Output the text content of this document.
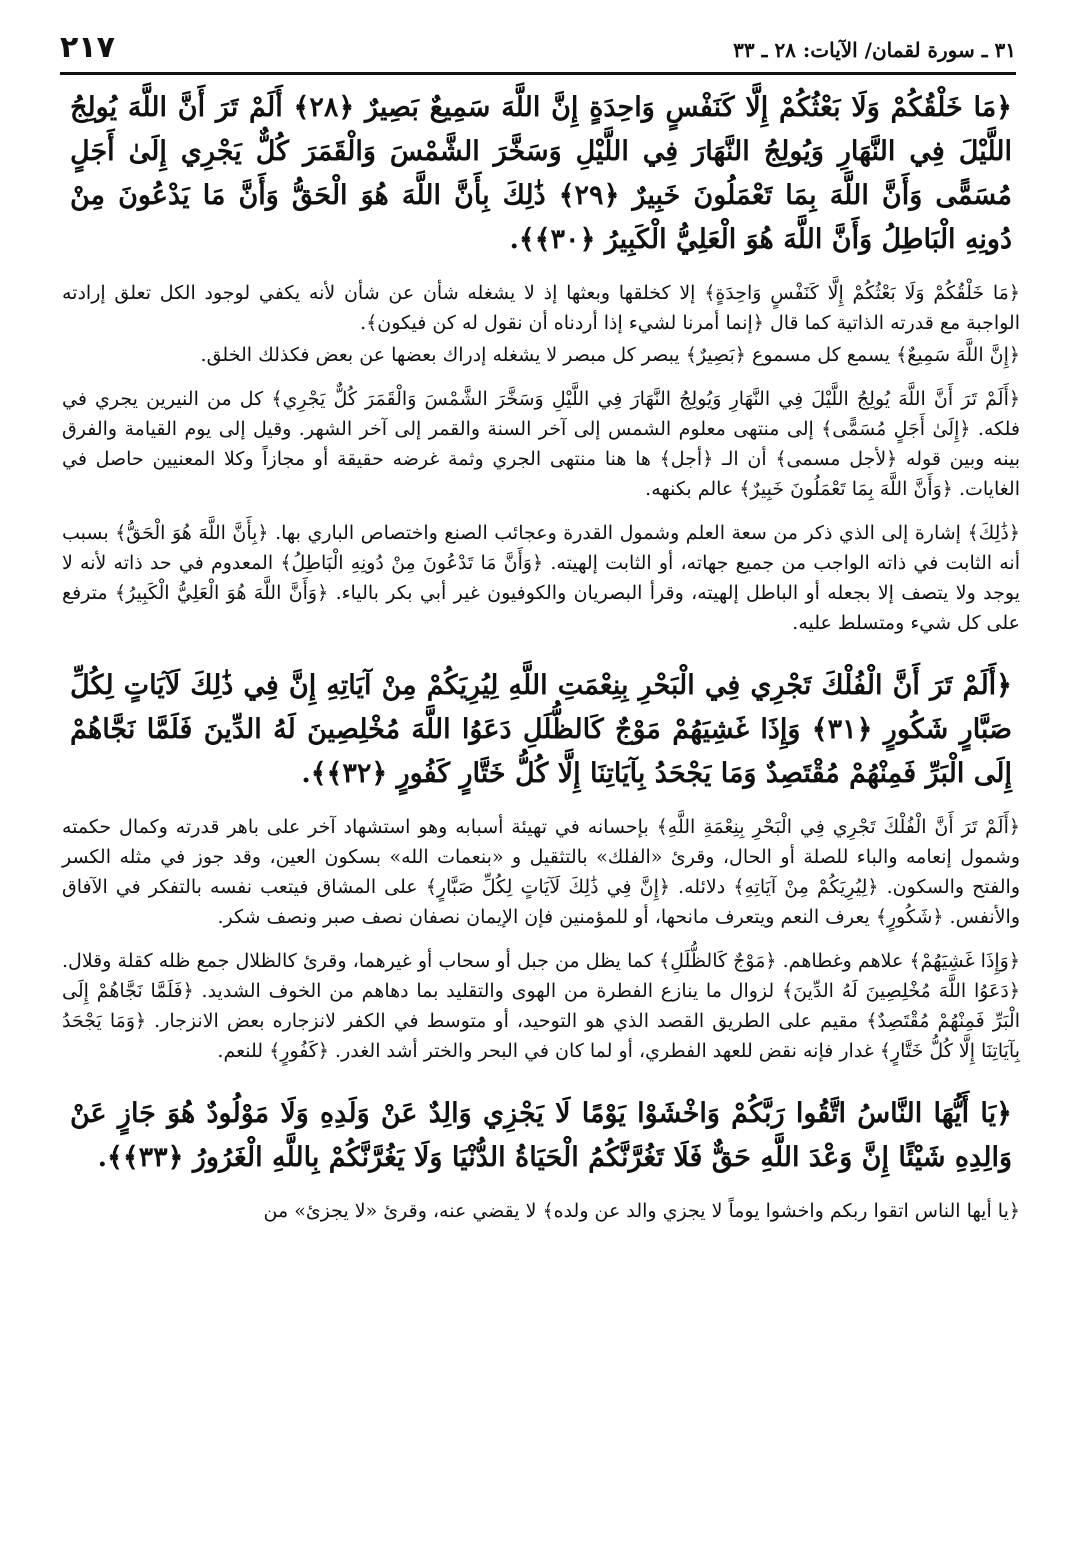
٣١ ـ سورة لقمان/ الآيات: ٢٨ ـ ٣٣
٢١٧
﴿مَا خَلْقُكُمْ وَلَا بَعْثُكُمْ إِلَّا كَنَفْسٍ وَاحِدَةٍ إِنَّ اللَّهَ سَمِيعٌ بَصِيرٌ ﴿٢٨﴾ أَلَمْ تَرَ أَنَّ اللَّهَ يُولِجُ اللَّيْلَ فِي النَّهَارِ وَيُولِجُ النَّهَارَ فِي اللَّيْلِ وَسَخَّرَ الشَّمْسَ وَالْقَمَرَ كُلٌّ يَجْرِي إِلَىٰ أَجَلٍ مُسَمًّى وَأَنَّ اللَّهَ بِمَا تَعْمَلُونَ خَبِيرٌ ﴿٢٩﴾ ذَٰلِكَ بِأَنَّ اللَّهَ هُوَ الْحَقُّ وَأَنَّ مَا يَدْعُونَ مِنْ دُونِهِ الْبَاطِلُ وَأَنَّ اللَّهَ هُوَ الْعَلِيُّ الْكَبِيرُ ﴿٣٠﴾﴾.

﴿مَا خَلْقُكُمْ وَلَا بَعْثُكُمْ إِلَّا كَنَفْسٍ وَاحِدَةٍ﴾ إلا كخلقها وبعثها إذ لا يشغله شأن عن شأن لأنه يكفي لوجود الكل تعلق إرادته الواجبة مع قدرته الذاتية كما قال ﴿إنما أمرنا لشيء إذا أردناه أن نقول له كن فيكون﴾.

﴿إِنَّ اللَّهَ سَمِيعٌ﴾ يسمع كل مسموع ﴿بَصِيرٌ﴾ يبصر كل مبصر لا يشغله إدراك بعضها عن بعض فكذلك الخلق.

﴿أَلَمْ تَرَ أَنَّ اللَّهَ يُولِجُ اللَّيْلَ فِي النَّهَارِ وَيُولِجُ النَّهَارَ فِي اللَّيْلِ وَسَخَّرَ الشَّمْسَ وَالْقَمَرَ كُلٌّ يَجْرِي﴾ كل من النيرين يجري في فلكه. ﴿إِلَىٰ أَجَلٍ مُسَمًّى﴾ إلى منتهى معلوم الشمس إلى آخر السنة والقمر إلى آخر الشهر. وقيل إلى يوم القيامة والفرق بينه وبين قوله ﴿لأجل مسمى﴾ أن الـ ﴿أجل﴾ ها هنا منتهى الجري وثمة غرضه حقيقة أو مجازاً وكلا المعنيين حاصل في الغايات. ﴿وَأَنَّ اللَّهَ بِمَا تَعْمَلُونَ خَبِيرٌ﴾ عالم بكنهه.

﴿ذَٰلِكَ﴾ إشارة إلى الذي ذكر من سعة العلم وشمول القدرة وعجائب الصنع واختصاص الباري بها. ﴿بِأَنَّ اللَّهَ هُوَ الْحَقُّ﴾ بسبب أنه الثابت في ذاته الواجب من جميع جهاته، أو الثابت إلهيته. ﴿وَأَنَّ مَا تَدْعُونَ مِنْ دُونِهِ الْبَاطِلُ﴾ المعدوم في حد ذاته لأنه لا يوجد ولا يتصف إلا بجعله أو الباطل إلهيته، وقرأ البصريان والكوفيون غير أبي بكر بالياء. ﴿وَأَنَّ اللَّهَ هُوَ الْعَلِيُّ الْكَبِيرُ﴾ مترفع على كل شيء ومتسلط عليه.

﴿أَلَمْ تَرَ أَنَّ الْفُلْكَ تَجْرِي فِي الْبَحْرِ بِنِعْمَتِ اللَّهِ لِيُرِيَكُمْ مِنْ آيَاتِهِ إِنَّ فِي ذَٰلِكَ لَآيَاتٍ لِكُلِّ صَبَّارٍ شَكُورٍ ﴿٣١﴾ وَإِذَا غَشِيَهُمْ مَوْجٌ كَالظُّلَلِ دَعَوُا اللَّهَ مُخْلِصِينَ لَهُ الدِّينَ فَلَمَّا نَجَّاهُمْ إِلَى الْبَرِّ فَمِنْهُمْ مُقْتَصِدٌ وَمَا يَجْحَدُ بِآيَاتِنَا إِلَّا كُلُّ خَتَّارٍ كَفُورٍ ﴿٣٢﴾﴾.

﴿أَلَمْ تَرَ أَنَّ الْفُلْكَ تَجْرِي فِي الْبَحْرِ بِنِعْمَةِ اللَّهِ﴾ بإحسانه في تهيئة أسبابه وهو استشهاد آخر على باهر قدرته وكمال حكمته وشمول إنعامه والباء للصلة أو الحال، وقرئ «الفلك» بالتثقيل و «بنعمات الله» بسكون العين، وقد جوز في مثله الكسر والفتح والسكون. ﴿لِيُرِيَكُمْ مِنْ آيَاتِهِ﴾ دلائله. ﴿إِنَّ فِي ذَٰلِكَ لَآيَاتٍ لِكُلِّ صَبَّارٍ﴾ على المشاق فيتعب نفسه بالتفكر في الآفاق والأنفس. ﴿شَكُورٍ﴾ يعرف النعم ويتعرف مانحها، أو للمؤمنين فإن الإيمان نصفان نصف صبر ونصف شكر.

﴿وَإِذَا غَشِيَهُمْ﴾ علاهم وغطاهم. ﴿مَوْجٌ كَالظُّلَلِ﴾ كما يظل من جبل أو سحاب أو غيرهما، وقرئ كالظلال جمع ظله كقلة وقلال. ﴿دَعَوُا اللَّهَ مُخْلِصِينَ لَهُ الدِّينَ﴾ لزوال ما ينازع الفطرة من الهوى والتقليد بما دهاهم من الخوف الشديد. ﴿فَلَمَّا نَجَّاهُمْ إِلَى الْبَرِّ فَمِنْهُمْ مُقْتَصِدٌ﴾ مقيم على الطريق القصد الذي هو التوحيد، أو متوسط في الكفر لانزجاره بعض الانزجار. ﴿وَمَا يَجْحَدُ بِآيَاتِنَا إِلَّا كُلُّ خَتَّارٍ﴾ غدار فإنه نقض للعهد الفطري، أو لما كان في البحر والختر أشد الغدر. ﴿كَفُورٍ﴾ للنعم.

﴿يَا أَيُّهَا النَّاسُ اتَّقُوا رَبَّكُمْ وَاخْشَوْا يَوْمًا لَا يَجْزِي وَالِدٌ عَنْ وَلَدِهِ وَلَا مَوْلُودٌ هُوَ جَازٍ عَنْ وَالِدِهِ شَيْئًا إِنَّ وَعْدَ اللَّهِ حَقٌّ فَلَا تَغُرَّنَّكُمُ الْحَيَاةُ الدُّنْيَا وَلَا يَغُرَّنَّكُمْ بِاللَّهِ الْغَرُورُ ﴿٣٣﴾﴾.

﴿يا أيها الناس اتقوا ربكم واخشوا يوماً لا يجزي والد عن ولده﴾ لا يقضي عنه، وقرئ «لا يجزئ» من
